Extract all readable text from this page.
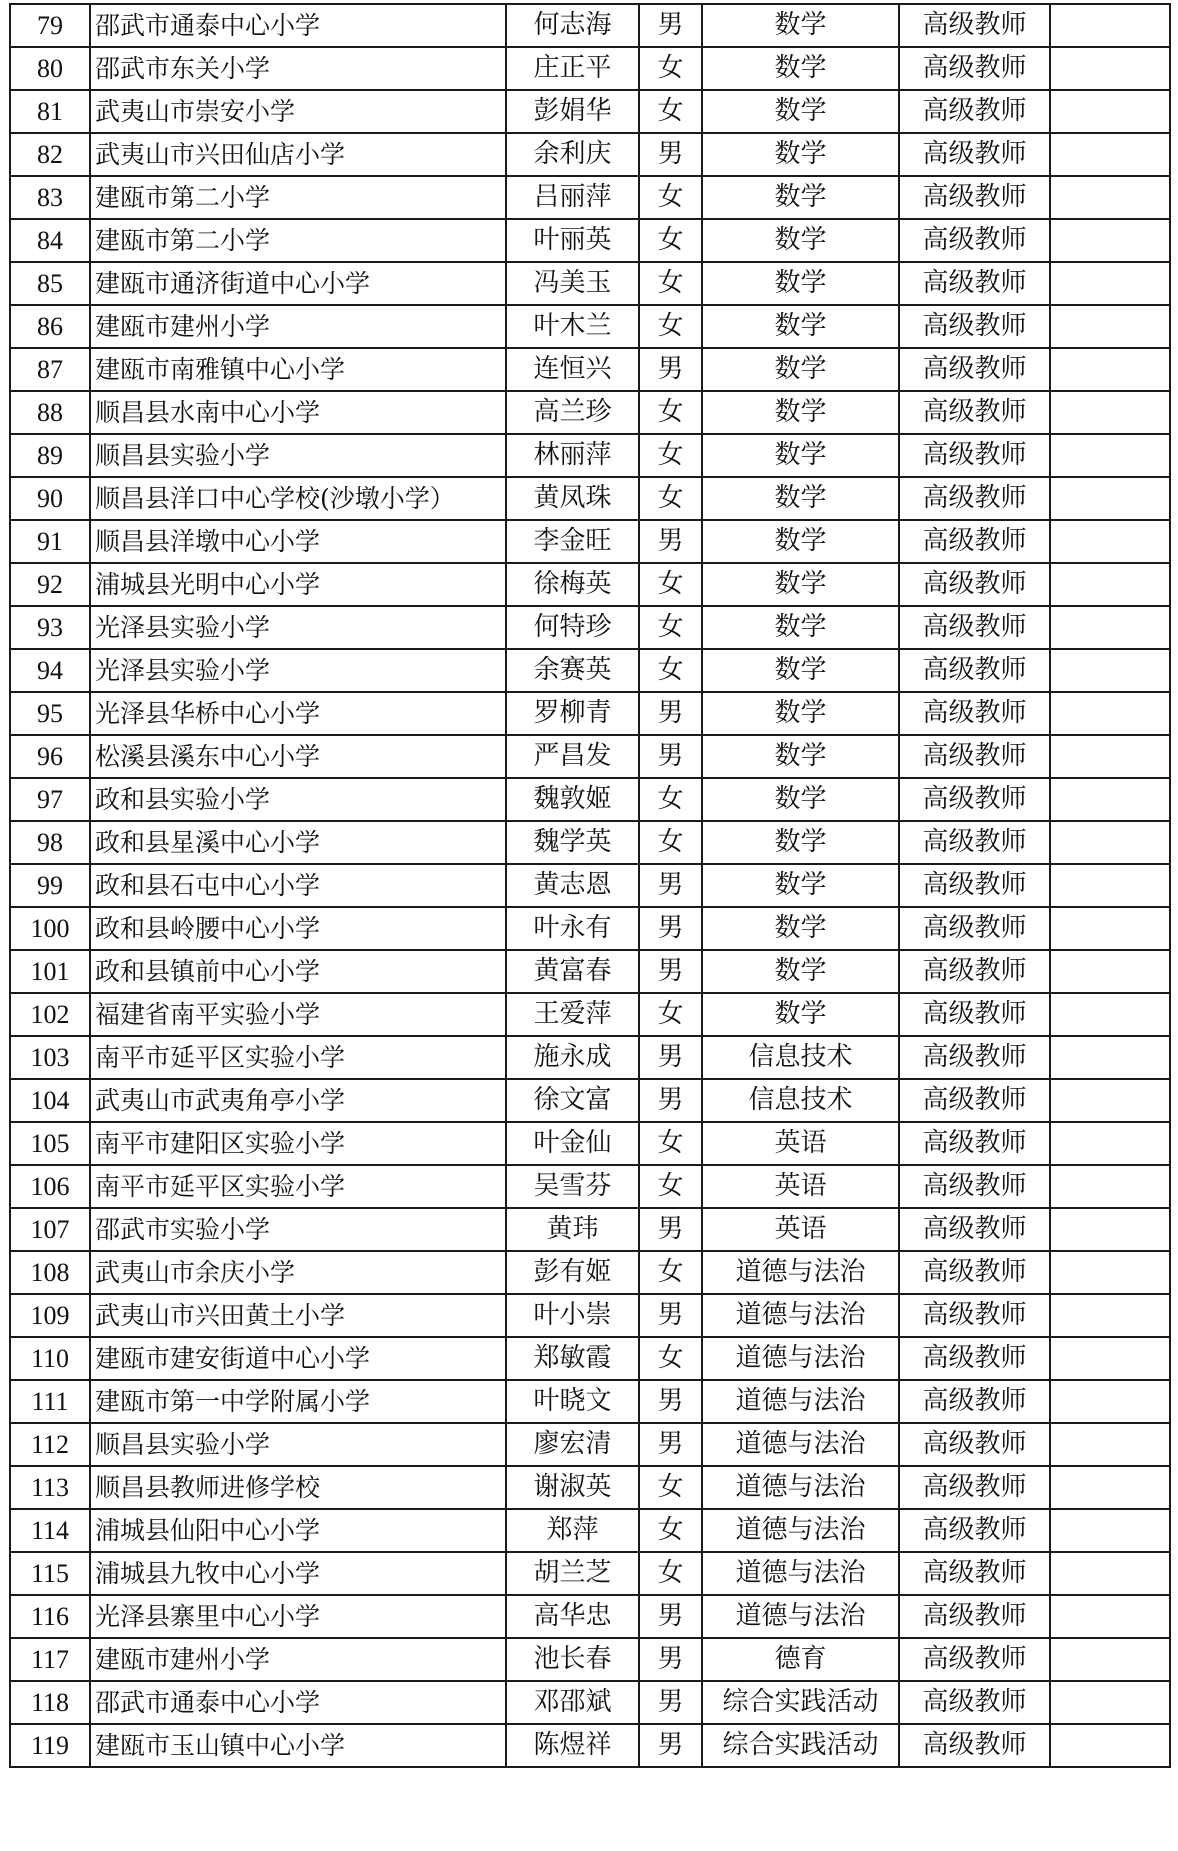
79	邵武市通泰中心小学	何志海	男	数学	高级教师	
80	邵武市东关小学	庄正平	女	数学	高级教师	
81	武夷山市崇安小学	彭娟华	女	数学	高级教师	
82	武夷山市兴田仙店小学	余利庆	男	数学	高级教师	
83	建瓯市第二小学	吕丽萍	女	数学	高级教师	
84	建瓯市第二小学	叶丽英	女	数学	高级教师	
85	建瓯市通济街道中心小学	冯美玉	女	数学	高级教师	
86	建瓯市建州小学	叶木兰	女	数学	高级教师	
87	建瓯市南雅镇中心小学	连恒兴	男	数学	高级教师	
88	顺昌县水南中心小学	高兰珍	女	数学	高级教师	
89	顺昌县实验小学	林丽萍	女	数学	高级教师	
90	顺昌县洋口中心学校(沙墩小学）	黄凤珠	女	数学	高级教师	
91	顺昌县洋墩中心小学	李金旺	男	数学	高级教师	
92	浦城县光明中心小学	徐梅英	女	数学	高级教师	
93	光泽县实验小学	何特珍	女	数学	高级教师	
94	光泽县实验小学	余赛英	女	数学	高级教师	
95	光泽县华桥中心小学	罗柳青	男	数学	高级教师	
96	松溪县溪东中心小学	严昌发	男	数学	高级教师	
97	政和县实验小学	魏敦姬	女	数学	高级教师	
98	政和县星溪中心小学	魏学英	女	数学	高级教师	
99	政和县石屯中心小学	黄志恩	男	数学	高级教师	
100	政和县岭腰中心小学	叶永有	男	数学	高级教师	
101	政和县镇前中心小学	黄富春	男	数学	高级教师	
102	福建省南平实验小学	王爱萍	女	数学	高级教师	
103	南平市延平区实验小学	施永成	男	信息技术	高级教师	
104	武夷山市武夷角亭小学	徐文富	男	信息技术	高级教师	
105	南平市建阳区实验小学	叶金仙	女	英语	高级教师	
106	南平市延平区实验小学	吴雪芬	女	英语	高级教师	
107	邵武市实验小学	黄玮	男	英语	高级教师	
108	武夷山市余庆小学	彭有姬	女	道德与法治	高级教师	
109	武夷山市兴田黄土小学	叶小崇	男	道德与法治	高级教师	
110	建瓯市建安街道中心小学	郑敏霞	女	道德与法治	高级教师	
111	建瓯市第一中学附属小学	叶晓文	男	道德与法治	高级教师	
112	顺昌县实验小学	廖宏清	男	道德与法治	高级教师	
113	顺昌县教师进修学校	谢淑英	女	道德与法治	高级教师	
114	浦城县仙阳中心小学	郑萍	女	道德与法治	高级教师	
115	浦城县九牧中心小学	胡兰芝	女	道德与法治	高级教师	
116	光泽县寨里中心小学	高华忠	男	道德与法治	高级教师	
117	建瓯市建州小学	池长春	男	德育	高级教师	
118	邵武市通泰中心小学	邓邵斌	男	综合实践活动	高级教师	
119	建瓯市玉山镇中心小学	陈煜祥	男	综合实践活动	高级教师	
